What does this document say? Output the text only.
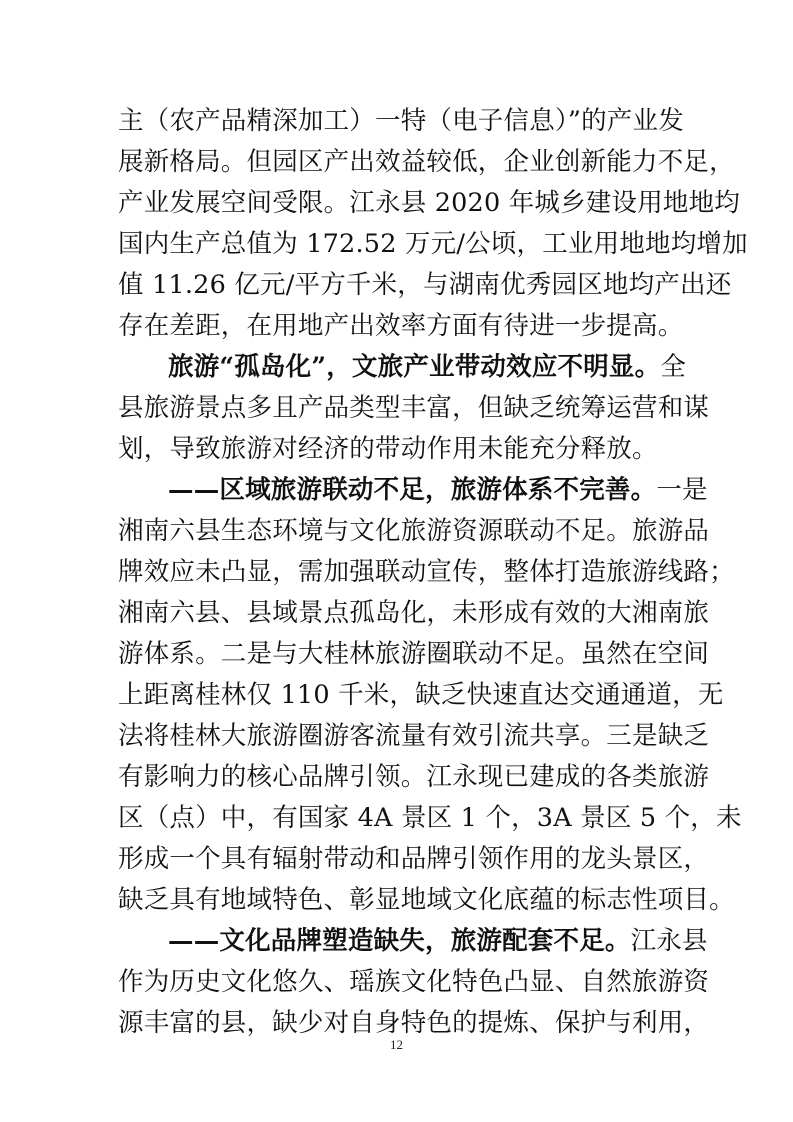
主（农产品精深加工）一特（电子信息）”的产业发
展新格局。但园区产出效益较低，企业创新能力不足，
产业发展空间受限。江永县 2020 年城乡建设用地地均
国内生产总值为 172.52 万元/公顷，工业用地地均增加
值 11.26 亿元/平方千米，与湖南优秀园区地均产出还
存在差距，在用地产出效率方面有待进一步提高。
旅游“孤岛化”，文旅产业带动效应不明显。全
县旅游景点多且产品类型丰富，但缺乏统筹运营和谋
划，导致旅游对经济的带动作用未能充分释放。
——区域旅游联动不足，旅游体系不完善。一是
湘南六县生态环境与文化旅游资源联动不足。旅游品
牌效应未凸显，需加强联动宣传，整体打造旅游线路；
湘南六县、县域景点孤岛化，未形成有效的大湘南旅
游体系。二是与大桂林旅游圈联动不足。虽然在空间
上距离桂林仅 110 千米，缺乏快速直达交通通道，无
法将桂林大旅游圈游客流量有效引流共享。三是缺乏
有影响力的核心品牌引领。江永现已建成的各类旅游
区（点）中，有国家 4A 景区 1 个，3A 景区 5 个，未
形成一个具有辐射带动和品牌引领作用的龙头景区，
缺乏具有地域特色、彰显地域文化底蕴的标志性项目。
——文化品牌塑造缺失，旅游配套不足。江永县
作为历史文化悠久、瑶族文化特色凸显、自然旅游资
源丰富的县，缺少对自身特色的提炼、保护与利用，
12
